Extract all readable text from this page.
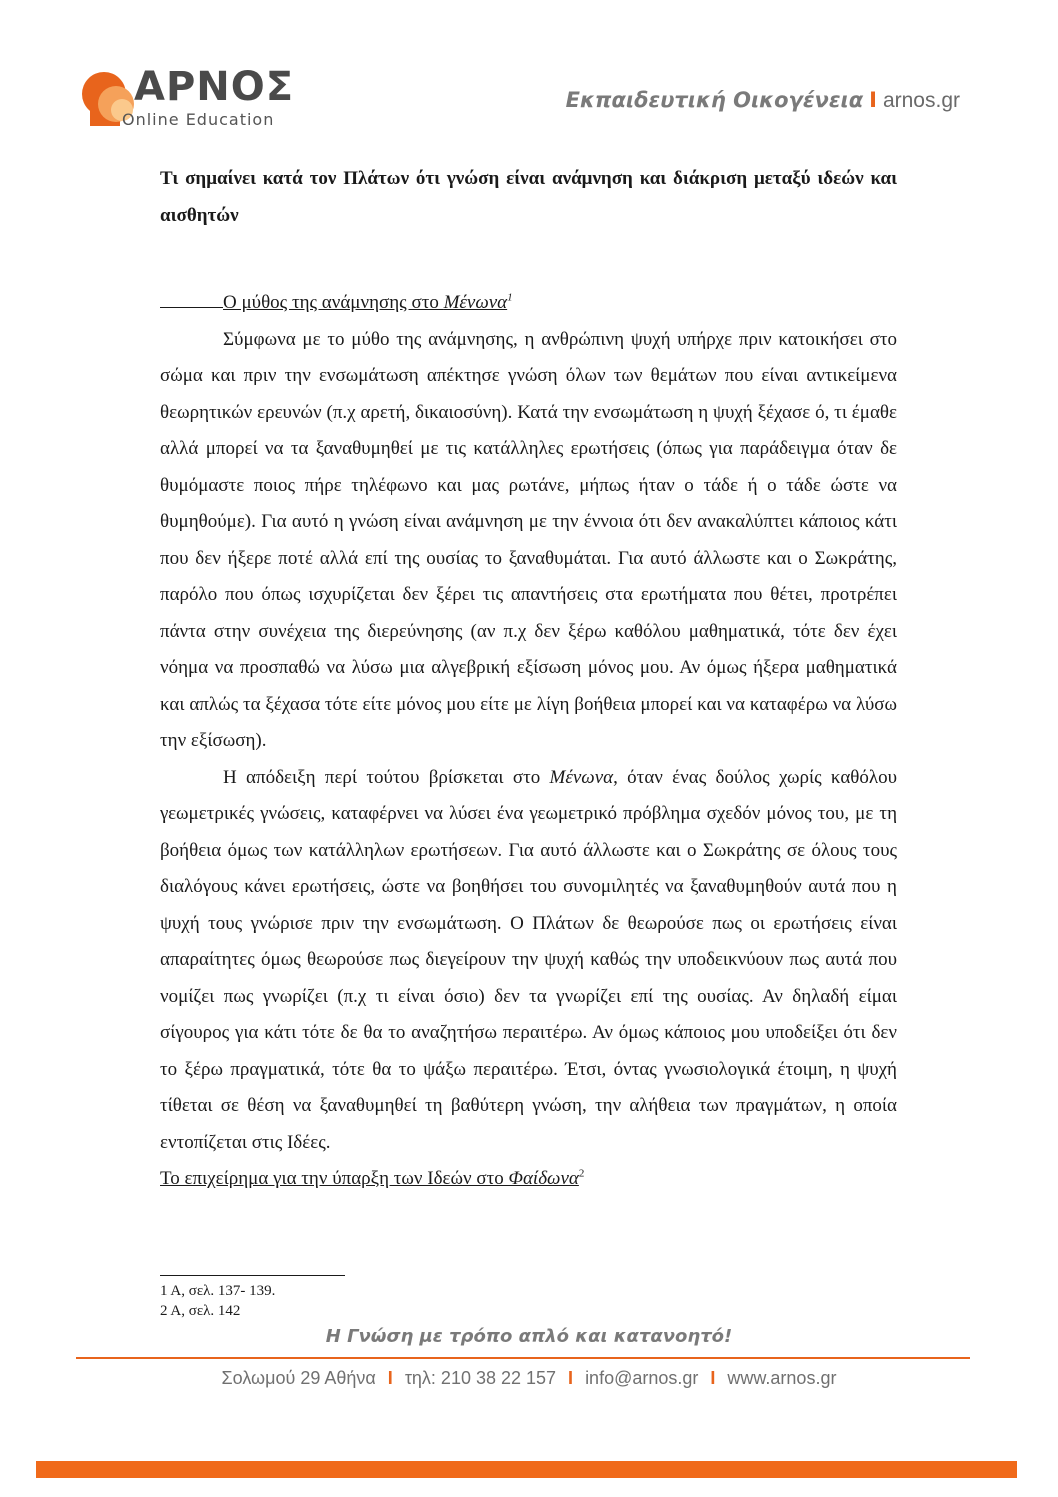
ΑΡΝΟΣ
Online Education
Εκπαιδευτική Οικογένεια I arnos.gr
Τι σημαίνει κατά τον Πλάτων ότι γνώση είναι ανάμνηση και διάκριση μεταξύ ιδεών και αισθητών

Ο μύθος της ανάμνησης στο Μένωνα$^1$

Σύμφωνα με το μύθο της ανάμνησης, η ανθρώπινη ψυχή υπήρχε πριν κατοικήσει στο σώμα και πριν την ενσωμάτωση απέκτησε γνώση όλων των θεμάτων που είναι αντικείμενα θεωρητικών ερευνών (π.χ αρετή, δικαιοσύνη). Κατά την ενσωμάτωση η ψυχή ξέχασε ό, τι έμαθε αλλά μπορεί να τα ξαναθυμηθεί με τις κατάλληλες ερωτήσεις (όπως για παράδειγμα όταν δε θυμόμαστε ποιος πήρε τηλέφωνο και μας ρωτάνε, μήπως ήταν ο τάδε ή ο τάδε ώστε να θυμηθούμε). Για αυτό η γνώση είναι ανάμνηση με την έννοια ότι δεν ανακαλύπτει κάποιος κάτι που δεν ήξερε ποτέ αλλά επί της ουσίας το ξαναθυμάται. Για αυτό άλλωστε και ο Σωκράτης, παρόλο που όπως ισχυρίζεται δεν ξέρει τις απαντήσεις στα ερωτήματα που θέτει, προτρέπει πάντα στην συνέχεια της διερεύνησης (αν π.χ δεν ξέρω καθόλου μαθηματικά, τότε δεν έχει νόημα να προσπαθώ να λύσω μια αλγεβρική εξίσωση μόνος μου. Αν όμως ήξερα μαθηματικά και απλώς τα ξέχασα τότε είτε μόνος μου είτε με λίγη βοήθεια μπορεί και να καταφέρω να λύσω την εξίσωση).

Η απόδειξη περί τούτου βρίσκεται στο Μένωνα, όταν ένας δούλος χωρίς καθόλου γεωμετρικές γνώσεις, καταφέρνει να λύσει ένα γεωμετρικό πρόβλημα σχεδόν μόνος του, με τη βοήθεια όμως των κατάλληλων ερωτήσεων. Για αυτό άλλωστε και ο Σωκράτης σε όλους τους διαλόγους κάνει ερωτήσεις, ώστε να βοηθήσει του συνομιλητές να ξαναθυμηθούν αυτά που η ψυχή τους γνώρισε πριν την ενσωμάτωση. Ο Πλάτων δε θεωρούσε πως οι ερωτήσεις είναι απαραίτητες όμως θεωρούσε πως διεγείρουν την ψυχή καθώς την υποδεικνύουν πως αυτά που νομίζει πως γνωρίζει (π.χ τι είναι όσιο) δεν τα γνωρίζει επί της ουσίας. Αν δηλαδή είμαι σίγουρος για κάτι τότε δε θα το αναζητήσω περαιτέρω. Αν όμως κάποιος μου υποδείξει ότι δεν το ξέρω πραγματικά, τότε θα το ψάξω περαιτέρω. Έτσι, όντας γνωσιολογικά έτοιμη, η ψυχή τίθεται σε θέση να ξαναθυμηθεί τη βαθύτερη γνώση, την αλήθεια των πραγμάτων, η οποία εντοπίζεται στις Ιδέες.

Το επιχείρημα για την ύπαρξη των Ιδεών στο Φαίδωνα$^2$

1 Α, σελ. 137- 139.
2 Α, σελ. 142
Η Γνώση με τρόπο απλό και κατανοητό!
Σολωμού 29 Αθήνα I τηλ: 210 38 22 157 I info@arnos.gr I www.arnos.gr
